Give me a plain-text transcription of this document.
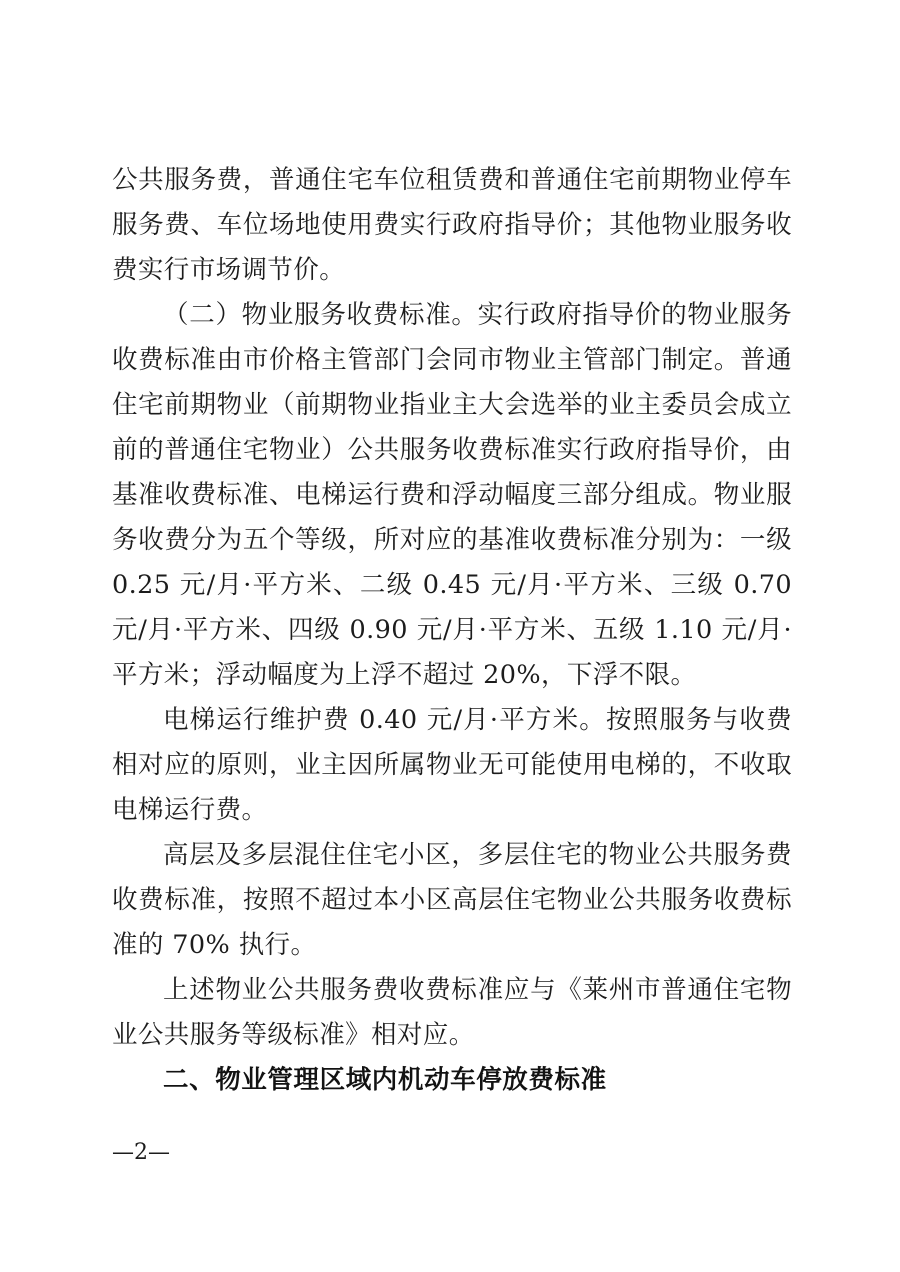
公共服务费，普通住宅车位租赁费和普通住宅前期物业停车服务费、车位场地使用费实行政府指导价；其他物业服务收费实行市场调节价。

（二）物业服务收费标准。实行政府指导价的物业服务收费标准由市价格主管部门会同市物业主管部门制定。普通住宅前期物业（前期物业指业主大会选举的业主委员会成立前的普通住宅物业）公共服务收费标准实行政府指导价，由基准收费标准、电梯运行费和浮动幅度三部分组成。物业服务收费分为五个等级，所对应的基准收费标准分别为：一级 0.25 元/月·平方米、二级 0.45 元/月·平方米、三级 0.70 元/月·平方米、四级 0.90 元/月·平方米、五级 1.10 元/月·平方米；浮动幅度为上浮不超过 20%，下浮不限。

电梯运行维护费 0.40 元/月·平方米。按照服务与收费相对应的原则，业主因所属物业无可能使用电梯的，不收取电梯运行费。

高层及多层混住住宅小区，多层住宅的物业公共服务费收费标准，按照不超过本小区高层住宅物业公共服务收费标准的 70% 执行。

上述物业公共服务费收费标准应与《莱州市普通住宅物业公共服务等级标准》相对应。

二、物业管理区域内机动车停放费标准

—2—
